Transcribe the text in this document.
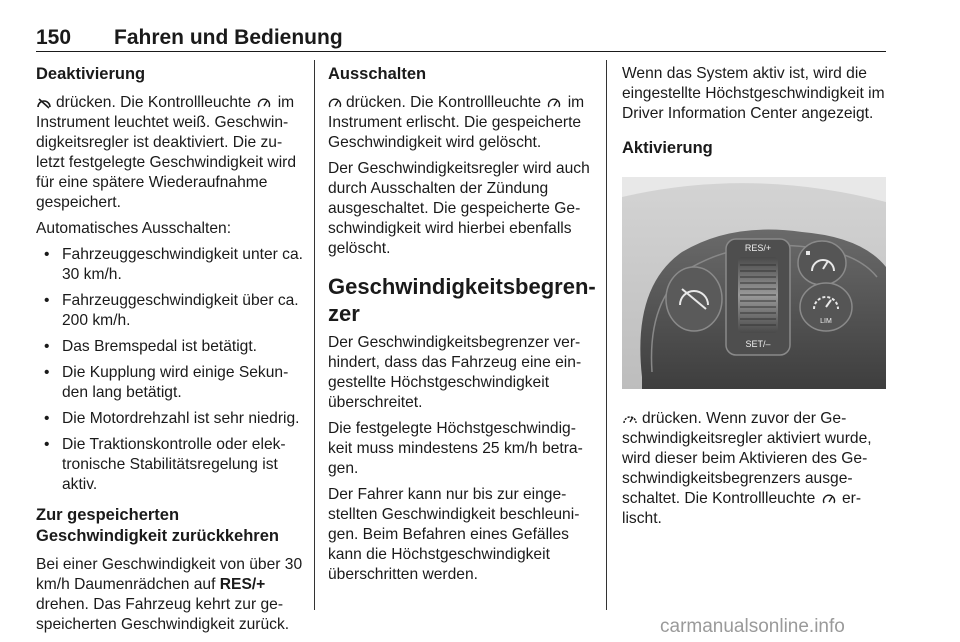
150 Fahren und Bedienung
Deaktivierung

drücken. Die Kontrollleuchte im Instrument leuchtet weiß. Geschwindigkeitsregler ist deaktiviert. Die zuletzt festgelegte Geschwindigkeit wird für eine spätere Wiederaufnahme gespeichert.

Automatisches Ausschalten:

• Fahrzeuggeschwindigkeit unter ca. 30 km/h.
• Fahrzeuggeschwindigkeit über ca. 200 km/h.
• Das Bremspedal ist betätigt.
• Die Kupplung wird einige Sekunden lang betätigt.
• Die Motordrehzahl ist sehr niedrig.
• Die Traktionskontrolle oder elektronische Stabilitätsregelung ist aktiv.
Zur gespeicherten Geschwindigkeit zurückkehren

Bei einer Geschwindigkeit von über 30 km/h Daumenrädchen auf RES/+ drehen. Das Fahrzeug kehrt zur gespeicherten Geschwindigkeit zurück.

Ausschalten

drücken. Die Kontrollleuchte im Instrument erlischt. Die gespeicherte Geschwindigkeit wird gelöscht.

Der Geschwindigkeitsregler wird auch durch Ausschalten der Zündung ausgeschaltet. Die gespeicherte Geschwindigkeit wird hierbei ebenfalls gelöscht.

Geschwindigkeitsbegrenzer

Der Geschwindigkeitsbegrenzer verhindert, dass das Fahrzeug eine eingestellte Höchstgeschwindigkeit überschreitet.

Die festgelegte Höchstgeschwindigkeit muss mindestens 25 km/h betragen.

Der Fahrer kann nur bis zur eingestellten Geschwindigkeit beschleunigen. Beim Befahren eines Gefälles kann die Höchstgeschwindigkeit überschritten werden.

Wenn das System aktiv ist, wird die eingestellte Höchstgeschwindigkeit im Driver Information Center angezeigt.

Aktivierung
RES/+
SET/–
LIM

drücken. Wenn zuvor der Geschwindigkeitsregler aktiviert wurde, wird dieser beim Aktivieren des Geschwindigkeitsbegrenzers ausgeschaltet. Die Kontrollleuchte erlischt.

carmanualsonline.info
